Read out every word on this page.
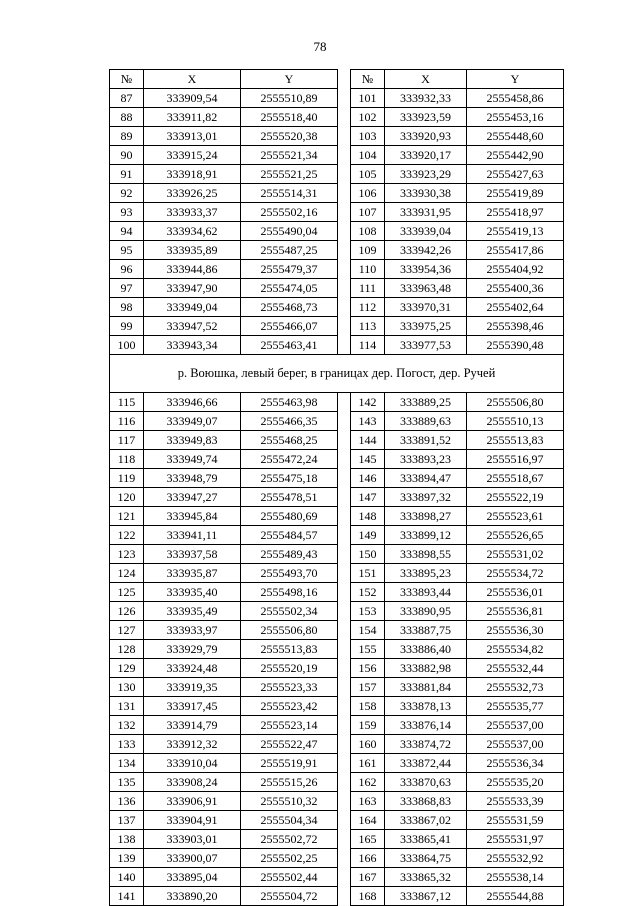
78
№	X	Y		№	X	Y
87	333909,54	2555510,89		101	333932,33	2555458,86
88	333911,82	2555518,40		102	333923,59	2555453,16
89	333913,01	2555520,38		103	333920,93	2555448,60
90	333915,24	2555521,34		104	333920,17	2555442,90
91	333918,91	2555521,25		105	333923,29	2555427,63
92	333926,25	2555514,31		106	333930,38	2555419,89
93	333933,37	2555502,16		107	333931,95	2555418,97
94	333934,62	2555490,04		108	333939,04	2555419,13
95	333935,89	2555487,25		109	333942,26	2555417,86
96	333944,86	2555479,37		110	333954,36	2555404,92
97	333947,90	2555474,05		111	333963,48	2555400,36
98	333949,04	2555468,73		112	333970,31	2555402,64
99	333947,52	2555466,07		113	333975,25	2555398,46
100	333943,34	2555463,41		114	333977,53	2555390,48
р. Воюшка, левый берег, в границах дер. Погост, дер. Ручей						
115	333946,66	2555463,98		142	333889,25	2555506,80
116	333949,07	2555466,35		143	333889,63	2555510,13
117	333949,83	2555468,25		144	333891,52	2555513,83
118	333949,74	2555472,24		145	333893,23	2555516,97
119	333948,79	2555475,18		146	333894,47	2555518,67
120	333947,27	2555478,51		147	333897,32	2555522,19
121	333945,84	2555480,69		148	333898,27	2555523,61
122	333941,11	2555484,57		149	333899,12	2555526,65
123	333937,58	2555489,43		150	333898,55	2555531,02
124	333935,87	2555493,70		151	333895,23	2555534,72
125	333935,40	2555498,16		152	333893,44	2555536,01
126	333935,49	2555502,34		153	333890,95	2555536,81
127	333933,97	2555506,80		154	333887,75	2555536,30
128	333929,79	2555513,83		155	333886,40	2555534,82
129	333924,48	2555520,19		156	333882,98	2555532,44
130	333919,35	2555523,33		157	333881,84	2555532,73
131	333917,45	2555523,42		158	333878,13	2555535,77
132	333914,79	2555523,14		159	333876,14	2555537,00
133	333912,32	2555522,47		160	333874,72	2555537,00
134	333910,04	2555519,91		161	333872,44	2555536,34
135	333908,24	2555515,26		162	333870,63	2555535,20
136	333906,91	2555510,32		163	333868,83	2555533,39
137	333904,91	2555504,34		164	333867,02	2555531,59
138	333903,01	2555502,72		165	333865,41	2555531,97
139	333900,07	2555502,25		166	333864,75	2555532,92
140	333895,04	2555502,44		167	333865,32	2555538,14
141	333890,20	2555504,72		168	333867,12	2555544,88
